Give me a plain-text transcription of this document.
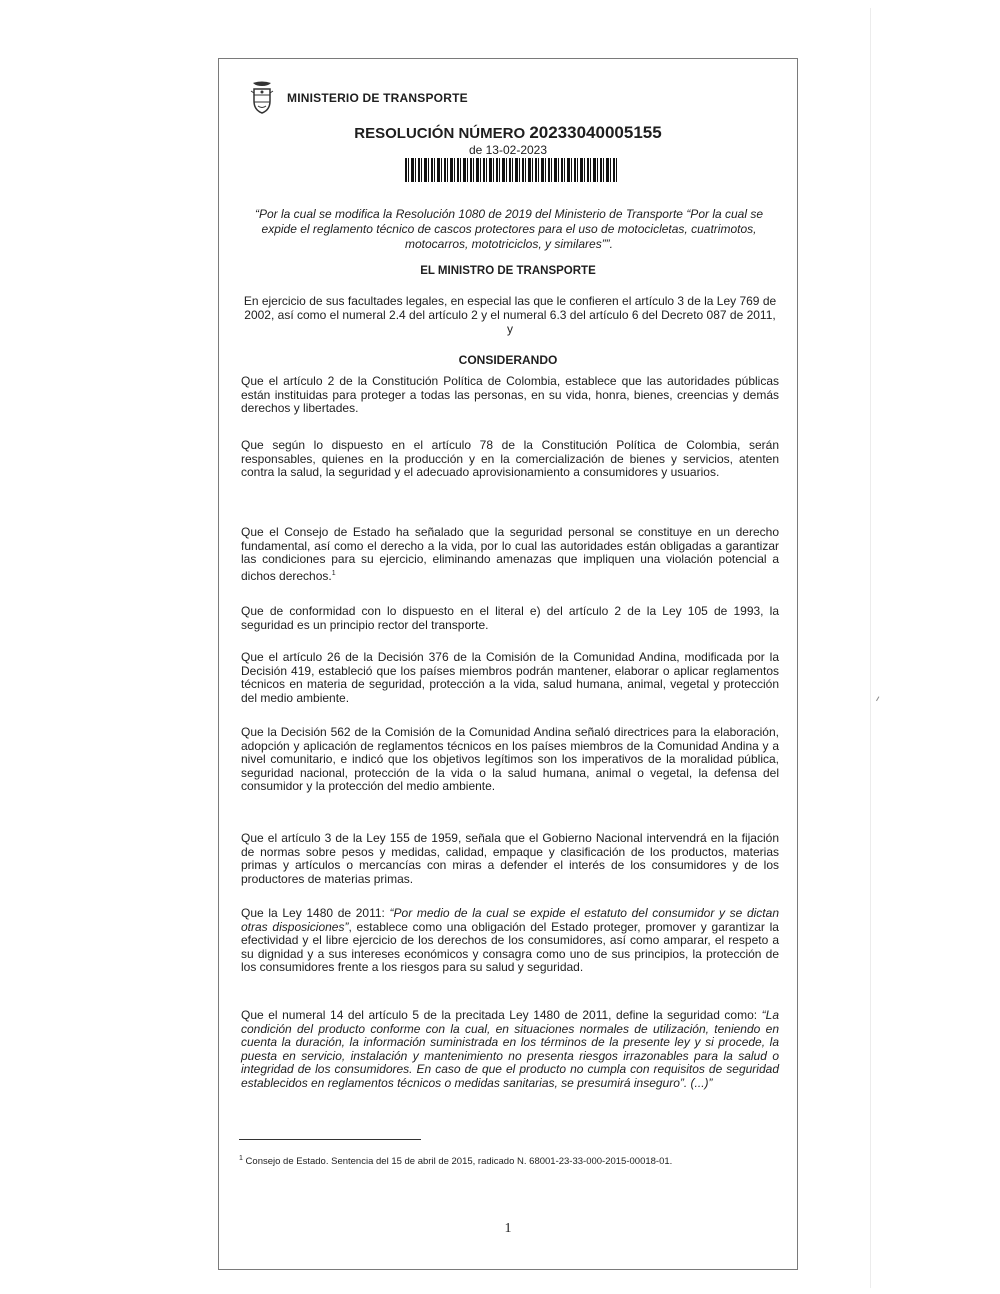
MINISTERIO DE TRANSPORTE
RESOLUCIÓN NÚMERO 20233040005155
de 13-02-2023
“Por la cual se modifica la Resolución 1080 de 2019 del Ministerio de Transporte “Por la cual se expide el reglamento técnico de cascos protectores para el uso de motocicletas, cuatrimotos, motocarros, mototriciclos, y similares””.
EL MINISTRO DE TRANSPORTE
En ejercicio de sus facultades legales, en especial las que le confieren el artículo 3 de la Ley 769 de 2002, así como el numeral 2.4 del artículo 2 y el numeral 6.3 del artículo 6 del Decreto 087 de 2011, y
CONSIDERANDO

Que el artículo 2 de la Constitución Política de Colombia, establece que las autoridades públicas están instituidas para proteger a todas las personas, en su vida, honra, bienes, creencias y demás derechos y libertades.

Que según lo dispuesto en el artículo 78 de la Constitución Política de Colombia, serán responsables, quienes en la producción y en la comercialización de bienes y servicios, atenten contra la salud, la seguridad y el adecuado aprovisionamiento a consumidores y usuarios.

Que el Consejo de Estado ha señalado que la seguridad personal se constituye en un derecho fundamental, así como el derecho a la vida, por lo cual las autoridades están obligadas a garantizar las condiciones para su ejercicio, eliminando amenazas que impliquen una violación potencial a dichos derechos.$^1$

Que de conformidad con lo dispuesto en el literal e) del artículo 2 de la Ley 105 de 1993, la seguridad es un principio rector del transporte.

Que el artículo 26 de la Decisión 376 de la Comisión de la Comunidad Andina, modificada por la Decisión 419, estableció que los países miembros podrán mantener, elaborar o aplicar reglamentos técnicos en materia de seguridad, protección a la vida, salud humana, animal, vegetal y protección del medio ambiente.

Que la Decisión 562 de la Comisión de la Comunidad Andina señaló directrices para la elaboración, adopción y aplicación de reglamentos técnicos en los países miembros de la Comunidad Andina y a nivel comunitario, e indicó que los objetivos legítimos son los imperativos de la moralidad pública, seguridad nacional, protección de la vida o la salud humana, animal o vegetal, la defensa del consumidor y la protección del medio ambiente.

Que el artículo 3 de la Ley 155 de 1959, señala que el Gobierno Nacional intervendrá en la fijación de normas sobre pesos y medidas, calidad, empaque y clasificación de los productos, materias primas y artículos o mercancías con miras a defender el interés de los consumidores y de los productores de materias primas.

Que la Ley 1480 de 2011: “Por medio de la cual se expide el estatuto del consumidor y se dictan otras disposiciones”, establece como una obligación del Estado proteger, promover y garantizar la efectividad y el libre ejercicio de los derechos de los consumidores, así como amparar, el respeto a su dignidad y a sus intereses económicos y consagra como uno de sus principios, la protección de los consumidores frente a los riesgos para su salud y seguridad.

Que el numeral 14 del artículo 5 de la precitada Ley 1480 de 2011, define la seguridad como: “La condición del producto conforme con la cual, en situaciones normales de utilización, teniendo en cuenta la duración, la información suministrada en los términos de la presente ley y si procede, la puesta en servicio, instalación y mantenimiento no presenta riesgos irrazonables para la salud o integridad de los consumidores. En caso de que el producto no cumpla con requisitos de seguridad establecidos en reglamentos técnicos o medidas sanitarias, se presumirá inseguro”. (...)”

$^1$ Consejo de Estado. Sentencia del 15 de abril de 2015, radicado N. 68001-23-33-000-2015-00018-01.
1
